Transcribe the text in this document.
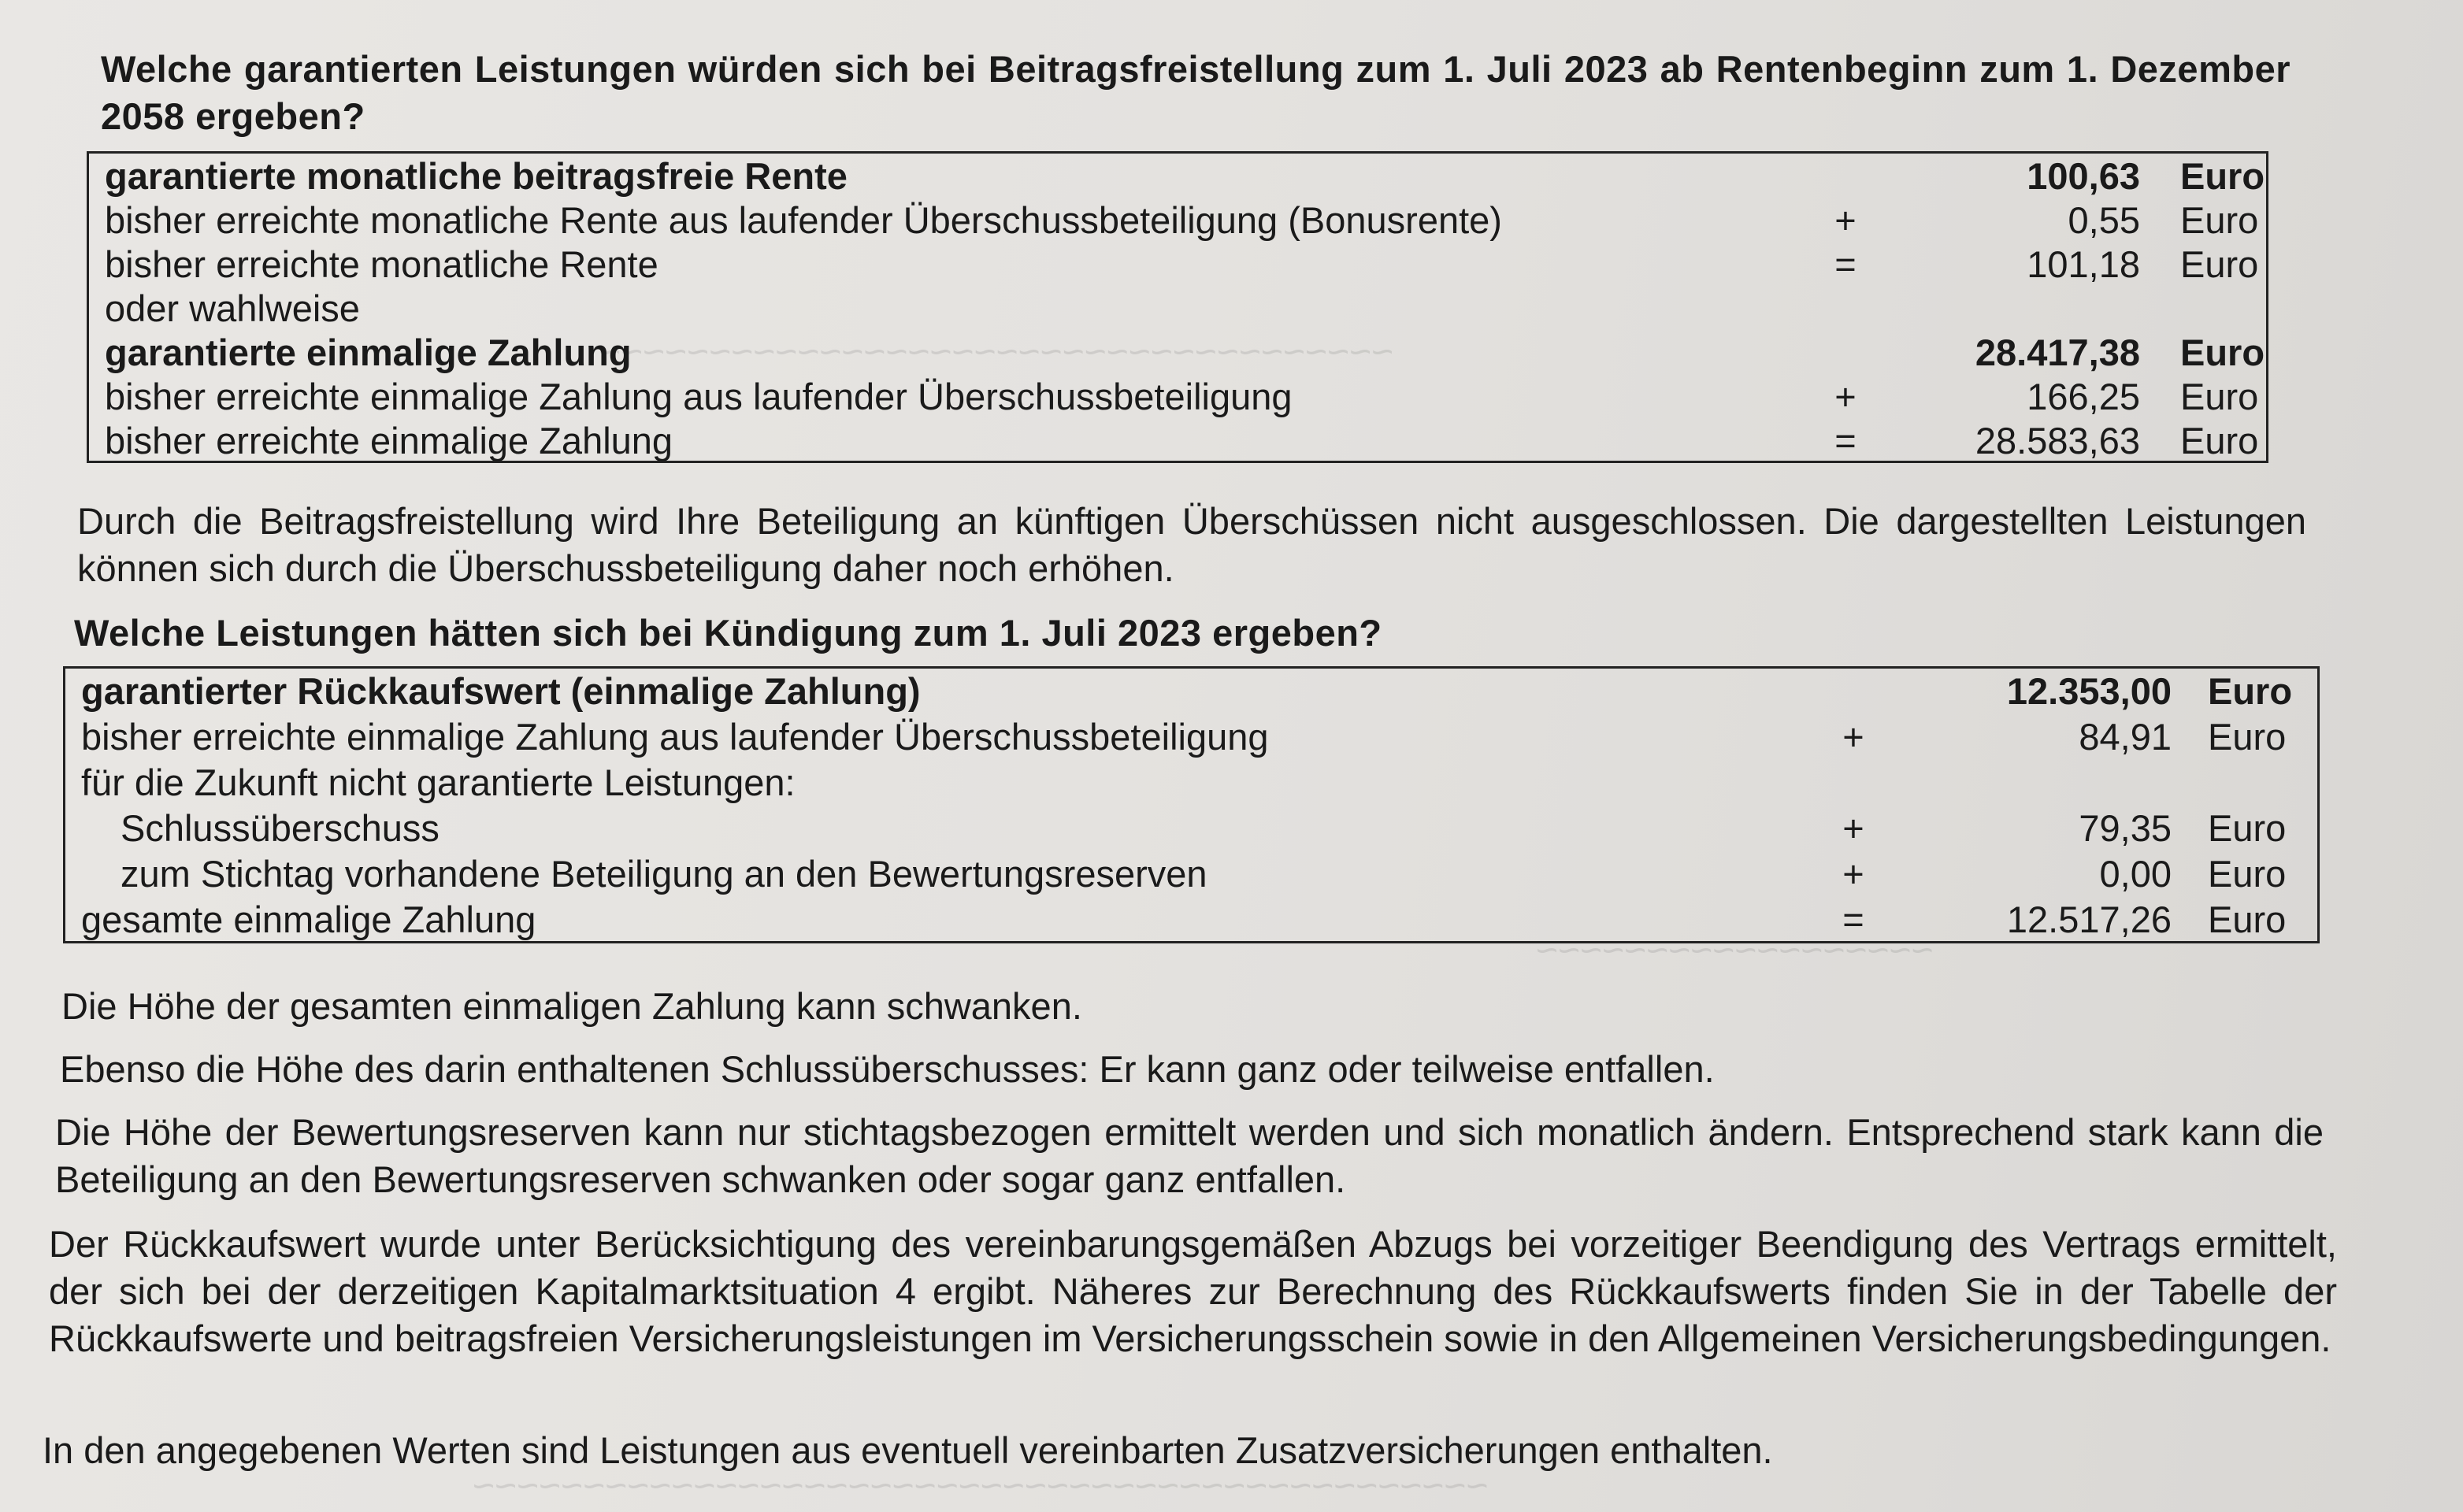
~~~~~~~~~~~~~~~~~~~~~~~~~~~~~~~~~~~~
~~~~~~~~~~~~~~~~~~
~~~~~~~~~~~~~~~~~~~~~~~~~~~~~~~~~~~~~~~~~~~~~~
Welche garantierten Leistungen würden sich bei Beitragsfreistellung zum 1. Juli 2023 ab Rentenbeginn zum 1. Dezember 2058 ergeben?
garantierte monatliche beitragsfreie Rente	100,63 Euro
bisher erreichte monatliche Rente aus laufender Überschussbeteiligung (Bonusrente)	+	0,55 Euro
bisher erreichte monatliche Rente	=	101,18 Euro
oder wahlweise
garantierte einmalige Zahlung	28.417,38 Euro
bisher erreichte einmalige Zahlung aus laufender Überschussbeteiligung	+	166,25 Euro
bisher erreichte einmalige Zahlung	=	28.583,63 Euro
Durch die Beitragsfreistellung wird Ihre Beteiligung an künftigen Überschüssen nicht ausgeschlossen. Die dargestellten Leistungen können sich durch die Überschussbeteiligung daher noch erhöhen.
Welche Leistungen hätten sich bei Kündigung zum 1. Juli 2023 ergeben?
garantierter Rückkaufswert (einmalige Zahlung)	12.353,00 Euro
bisher erreichte einmalige Zahlung aus laufender Überschussbeteiligung	+	84,91 Euro
für die Zukunft nicht garantierte Leistungen:
Schlussüberschuss	+	79,35 Euro
zum Stichtag vorhandene Beteiligung an den Bewertungsreserven	+	0,00 Euro
gesamte einmalige Zahlung	=	12.517,26 Euro
Die Höhe der gesamten einmaligen Zahlung kann schwanken.
Ebenso die Höhe des darin enthaltenen Schlussüberschusses: Er kann ganz oder teilweise entfallen.
Die Höhe der Bewertungsreserven kann nur stichtagsbezogen ermittelt werden und sich monatlich ändern. Entsprechend stark kann die Beteiligung an den Bewertungsreserven schwanken oder sogar ganz entfallen.
Der Rückkaufswert wurde unter Berücksichtigung des vereinbarungsgemäßen Abzugs bei vorzeitiger Beendigung des Vertrags ermittelt, der sich bei der derzeitigen Kapitalmarktsituation 4 ergibt. Näheres zur Berechnung des Rückkaufswerts finden Sie in der Tabelle der Rückkaufswerte und beitragsfreien Versicherungsleistungen im Versicherungsschein sowie in den Allgemeinen Versicherungsbedingungen.
In den angegebenen Werten sind Leistungen aus eventuell vereinbarten Zusatzversicherungen enthalten.
